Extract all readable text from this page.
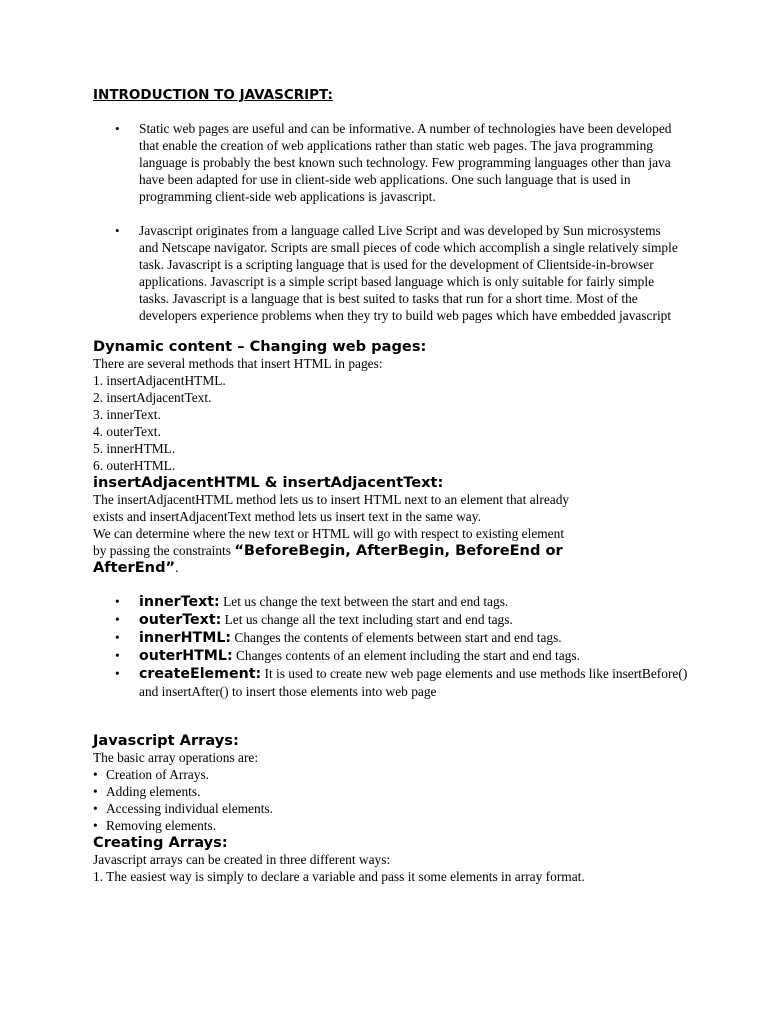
INTRODUCTION TO JAVASCRIPT:

• Static web pages are useful and can be informative. A number of technologies have been developed that enable the creation of web applications rather than static web pages. The java programming language is probably the best known such technology. Few programming languages other than java have been adapted for use in client-side web applications. One such language that is used in programming client-side web applications is javascript.
• Javascript originates from a language called Live Script and was developed by Sun microsystems and Netscape navigator. Scripts are small pieces of code which accomplish a single relatively simple task. Javascript is a scripting language that is used for the development of Clientside-in-browser applications. Javascript is a simple script based language which is only suitable for fairly simple tasks. Javascript is a language that is best suited to tasks that run for a short time. Most of the developers experience problems when they try to build web pages which have embedded javascript

Dynamic content – Changing web pages:

There are several methods that insert HTML in pages:

1. insertAdjacentHTML.

2. insertAdjacentText.

3. innerText.

4. outerText.

5. innerHTML.

6. outerHTML.

insertAdjacentHTML & insertAdjacentText:

The insertAdjacentHTML method lets us to insert HTML next to an element that already

exists and insertAdjacentText method lets us insert text in the same way.

We can determine where the new text or HTML will go with respect to existing element

by passing the constraints “BeforeBegin, AfterBegin, BeforeEnd or

AfterEnd”.

• innerText: Let us change the text between the start and end tags.
• outerText: Let us change all the text including start and end tags.
• innerHTML: Changes the contents of elements between start and end tags.
• outerHTML: Changes contents of an element including the start and end tags.
• createElement: It is used to create new web page elements and use methods like insertBefore() and insertAfter() to insert those elements into web page

Javascript Arrays:

The basic array operations are:

• Creation of Arrays.
• Adding elements.
• Accessing individual elements.
• Removing elements.

Creating Arrays:

Javascript arrays can be created in three different ways:

1. The easiest way is simply to declare a variable and pass it some elements in array format.
